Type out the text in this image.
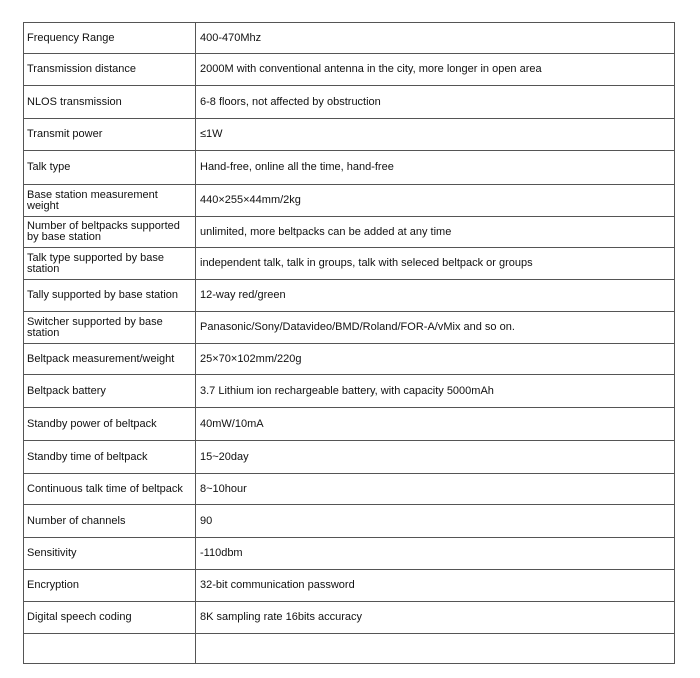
Frequency Range	400-470Mhz
Transmission distance	2000M with conventional antenna in the city, more longer in open area
NLOS transmission	6-8 floors, not affected by obstruction
Transmit power	≤1W
Talk type	Hand-free, online all the time, hand-free
Base station measurement weight	440×255×44mm/2kg
Number of beltpacks supported by base station	unlimited, more beltpacks can be added at any time
Talk type supported by base station	independent talk, talk in groups, talk with seleced beltpack or groups
Tally supported by base station	12-way red/green
Switcher supported by base station	Panasonic/Sony/Datavideo/BMD/Roland/FOR-A/vMix and so on.
Beltpack measurement/weight	25×70×102mm/220g
Beltpack battery	3.7 Lithium ion rechargeable battery, with capacity 5000mAh
Standby power of beltpack	40mW/10mA
Standby time of beltpack	15~20day
Continuous talk time of beltpack	8~10hour
Number of channels	90
Sensitivity	-110dbm
Encryption	32-bit communication password
Digital speech coding	8K sampling rate 16bits accuracy
